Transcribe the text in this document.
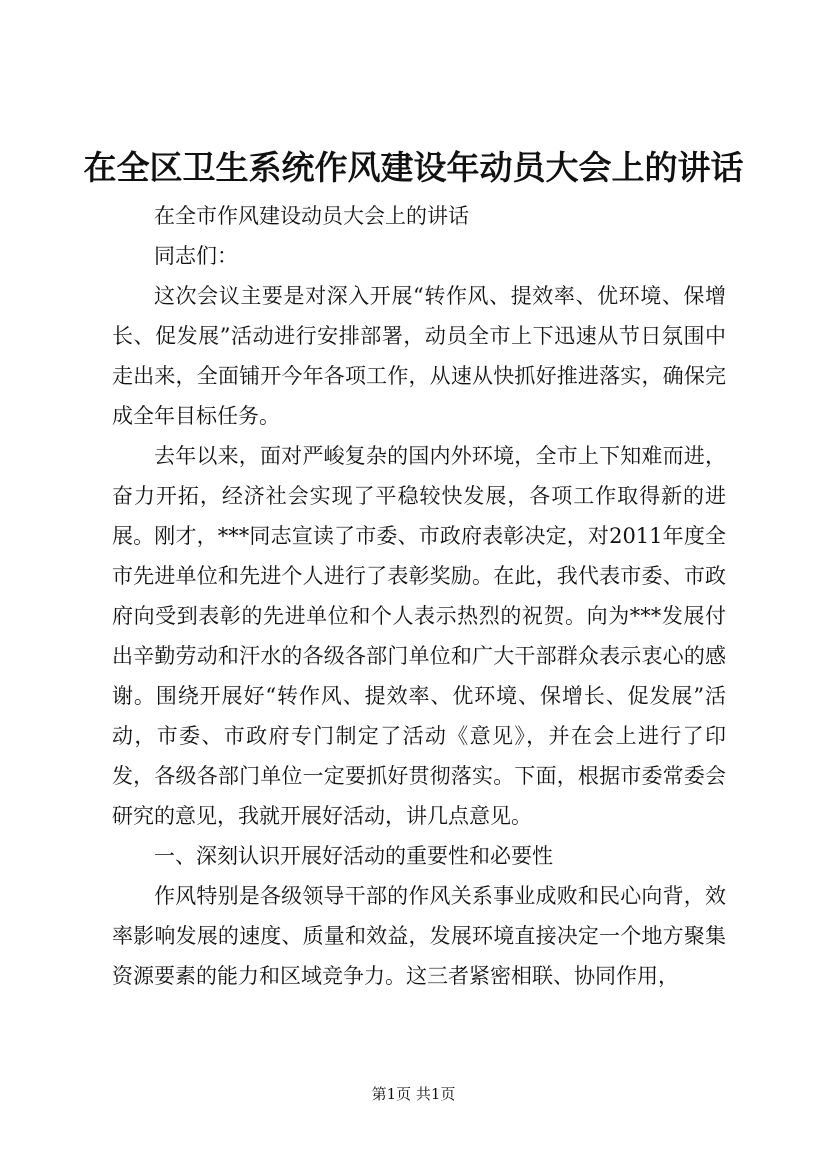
在全区卫生系统作风建设年动员大会上的讲话

在全市作风建设动员大会上的讲话

同志们：

这次会议主要是对深入开展“转作风、提效率、优环境、保增长、促发展”活动进行安排部署，动员全市上下迅速从节日氛围中走出来，全面铺开今年各项工作，从速从快抓好推进落实，确保完成全年目标任务。

去年以来，面对严峻复杂的国内外环境，全市上下知难而进，奋力开拓，经济社会实现了平稳较快发展，各项工作取得新的进展。刚才，***同志宣读了市委、市政府表彰决定，对2011年度全市先进单位和先进个人进行了表彰奖励。在此，我代表市委、市政府向受到表彰的先进单位和个人表示热烈的祝贺。向为***发展付出辛勤劳动和汗水的各级各部门单位和广大干部群众表示衷心的感谢。围绕开展好“转作风、提效率、优环境、保增长、促发展”活动，市委、市政府专门制定了活动《意见》，并在会上进行了印发，各级各部门单位一定要抓好贯彻落实。下面，根据市委常委会研究的意见，我就开展好活动，讲几点意见。

一、深刻认识开展好活动的重要性和必要性

作风特别是各级领导干部的作风关系事业成败和民心向背，效率影响发展的速度、质量和效益，发展环境直接决定一个地方聚集资源要素的能力和区域竞争力。这三者紧密相联、协同作用，

第1页 共1页
